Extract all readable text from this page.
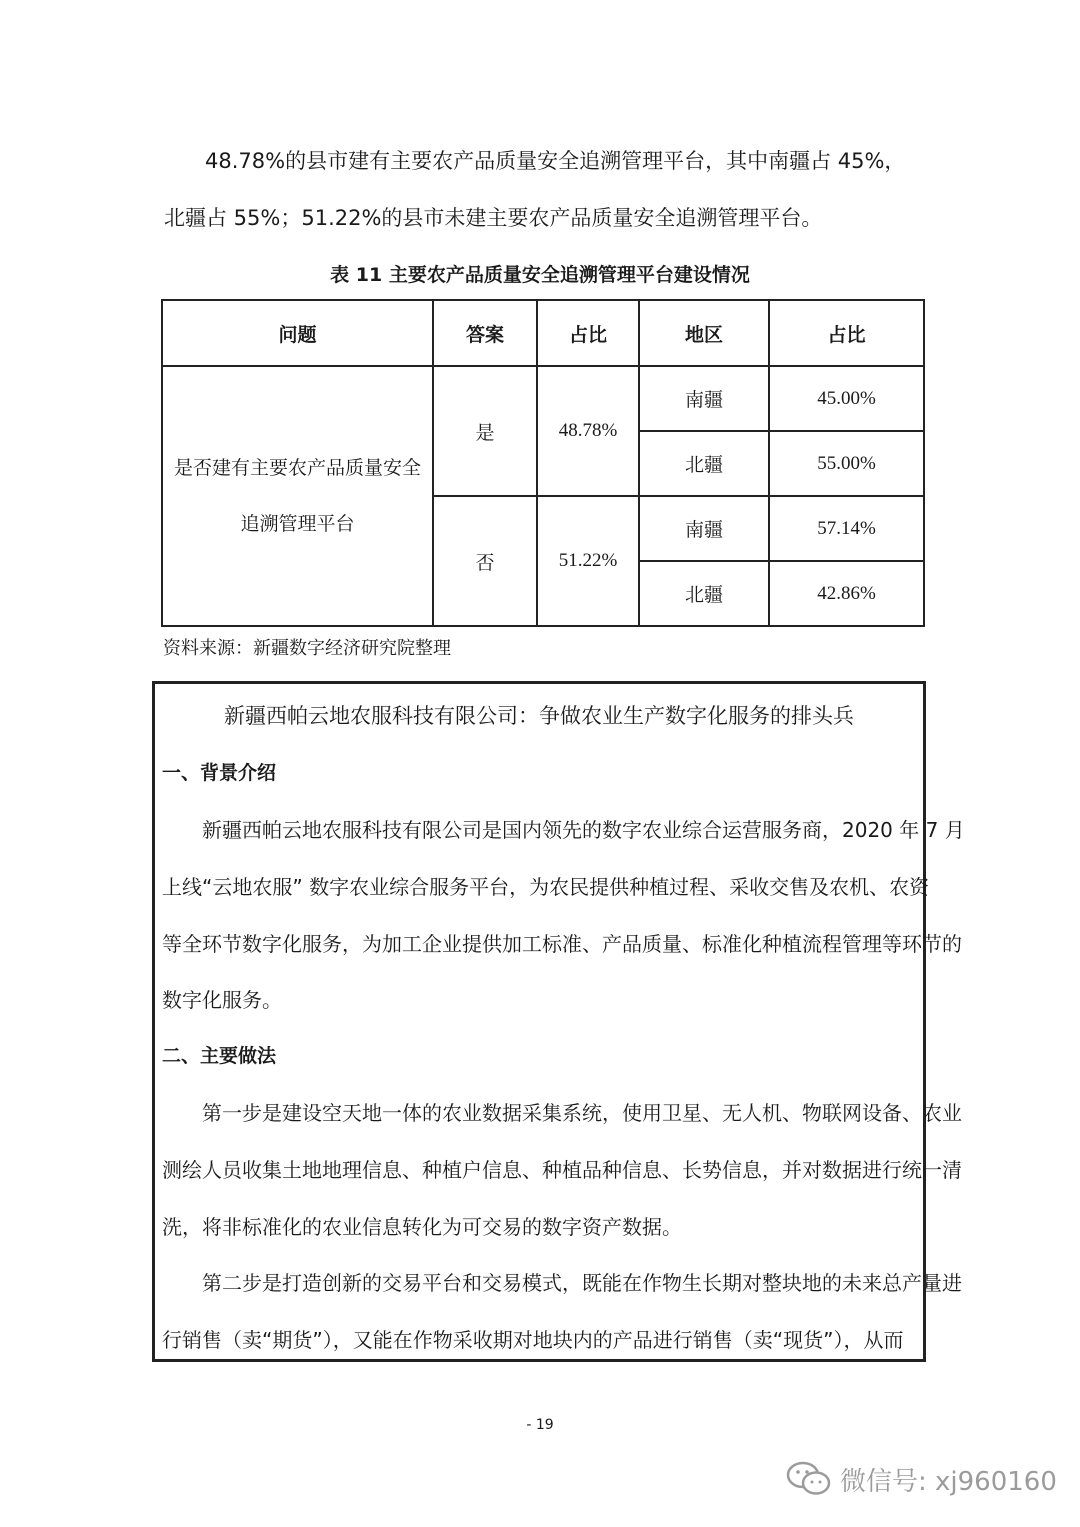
48.78%的县市建有主要农产品质量安全追溯管理平台，其中南疆占 45%，
北疆占 55%；51.22%的县市未建主要农产品质量安全追溯管理平台。
表 11 主要农产品质量安全追溯管理平台建设情况
问题	答案	占比	地区	占比

是否建有主要农产品质量安全
追溯管理平台	是	48.78%	南疆	45.00%
			北疆	55.00%
	否	51.22%	南疆	57.14%
			北疆	42.86%
资料来源：新疆数字经济研究院整理
新疆西帕云地农服科技有限公司：争做农业生产数字化服务的排头兵
一、背景介绍
新疆西帕云地农服科技有限公司是国内领先的数字农业综合运营服务商，2020 年 7 月
上线“云地农服” 数字农业综合服务平台，为农民提供种植过程、采收交售及农机、农资
等全环节数字化服务，为加工企业提供加工标准、产品质量、标准化种植流程管理等环节的
数字化服务。
二、主要做法
第一步是建设空天地一体的农业数据采集系统，使用卫星、无人机、物联网设备、农业
测绘人员收集土地地理信息、种植户信息、种植品种信息、长势信息，并对数据进行统一清
洗，将非标准化的农业信息转化为可交易的数字资产数据。
第二步是打造创新的交易平台和交易模式，既能在作物生长期对整块地的未来总产量进
行销售（卖“期货”），又能在作物采收期对地块内的产品进行销售（卖“现货”），从而
- 19
微信号: xj960160
